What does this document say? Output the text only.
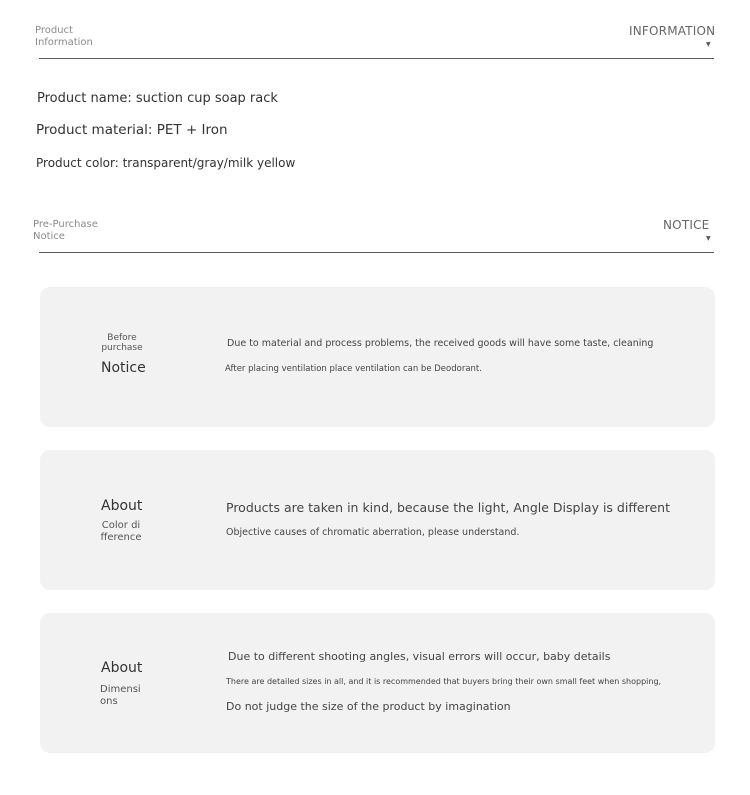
Product
Information
INFORMATION
▼
Product name: suction cup soap rack
Product material: PET + Iron
Product color: transparent/gray/milk yellow
Pre-Purchase
Notice
NOTICE
▼
Before
purchase
Notice
Due to material and process problems, the received goods will have some taste, cleaning
After placing ventilation place ventilation can be Deodorant.
About
Color di
fference
Products are taken in kind, because the light, Angle Display is different
Objective causes of chromatic aberration, please understand.
About
Dimensi
ons
Due to different shooting angles, visual errors will occur, baby details
There are detailed sizes in all, and it is recommended that buyers bring their own small feet when shopping,
Do not judge the size of the product by imagination
